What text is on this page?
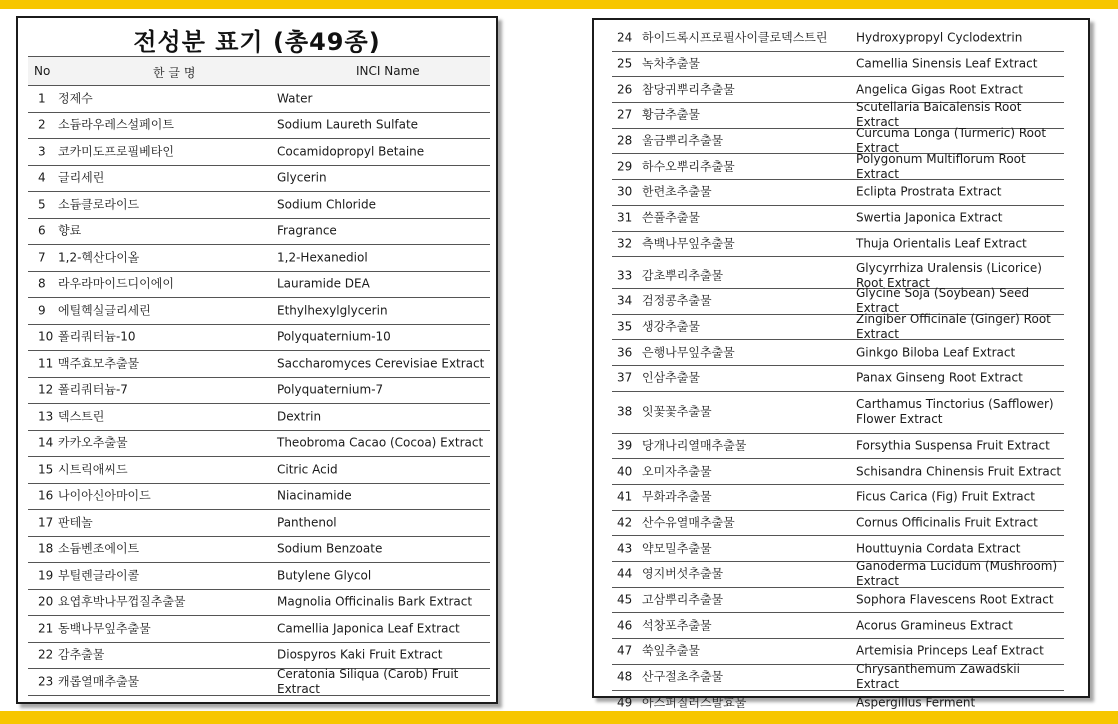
전성분 표기 (총49종)
No	한 글 명	INCI Name
1 정제수	Water
2 소듐라우레스설페이트	Sodium Laureth Sulfate
3 코카미도프로필베타인	Cocamidopropyl Betaine
4 글리세린	Glycerin
5 소듐클로라이드	Sodium Chloride
6 향료	Fragrance
7 1,2-헥산다이올	1,2-Hexanediol
8 라우라마이드디이에이	Lauramide DEA
9 에틸헥실글리세린	Ethylhexylglycerin
10 폴리쿼터늄-10	Polyquaternium-10
11 맥주효모추출물	Saccharomyces Cerevisiae Extract
12 폴리쿼터늄-7	Polyquaternium-7
13 덱스트린	Dextrin
14 카카오추출물	Theobroma Cacao (Cocoa) Extract
15 시트릭애씨드	Citric Acid
16 나이아신아마이드	Niacinamide
17 판테놀	Panthenol
18 소듐벤조에이트	Sodium Benzoate
19 부틸렌글라이콜	Butylene Glycol
20 요엽후박나무껍질추출물	Magnolia Officinalis Bark Extract
21 동백나무잎추출물	Camellia Japonica Leaf Extract
22 감추출물	Diospyros Kaki Fruit Extract
23 캐롭열매추출물
Ceratonia Siliqua (Carob) Fruit Extract
24 하이드록시프로필사이클로덱스트린 Hydroxypropyl Cyclodextrin
25 녹차추출물	Camellia Sinensis Leaf Extract
26 참당귀뿌리추출물	Angelica Gigas Root Extract
27 황금추출물
Scutellaria Baicalensis Root Extract
28 울금뿌리추출물
Curcuma Longa (Turmeric) Root Extract
29 하수오뿌리추출물
Polygonum Multiflorum Root Extract
30 한련초추출물	Eclipta Prostrata Extract
31 쓴풀추출물	Swertia Japonica Extract
32 측백나무잎추출물	Thuja Orientalis Leaf Extract
33 감초뿌리추출물
Glycyrrhiza Uralensis (Licorice) Root Extract
34 검정콩추출물
Glycine Soja (Soybean) Seed Extract
35 생강추출물
Zingiber Officinale (Ginger) Root Extract
36 은행나무잎추출물	Ginkgo Biloba Leaf Extract
37 인삼추출물	Panax Ginseng Root Extract
38 잇꽃꽃추출물
Carthamus Tinctorius (Safflower) Flower Extract
39 당개나리열매추출물	Forsythia Suspensa Fruit Extract
40 오미자추출물	Schisandra Chinensis Fruit Extract
41 무화과추출물	Ficus Carica (Fig) Fruit Extract
42 산수유열매추출물	Cornus Officinalis Fruit Extract
43 약모밀추출물	Houttuynia Cordata Extract
44 영지버섯추출물
Ganoderma Lucidum (Mushroom) Extract
45 고삼뿌리추출물	Sophora Flavescens Root Extract
46 석창포추출물	Acorus Gramineus Extract
47 쑥잎추출물	Artemisia Princeps Leaf Extract
48 산구절초추출물
Chrysanthemum Zawadskii Extract
49 아스퍼질러스발효물	Aspergillus Ferment
